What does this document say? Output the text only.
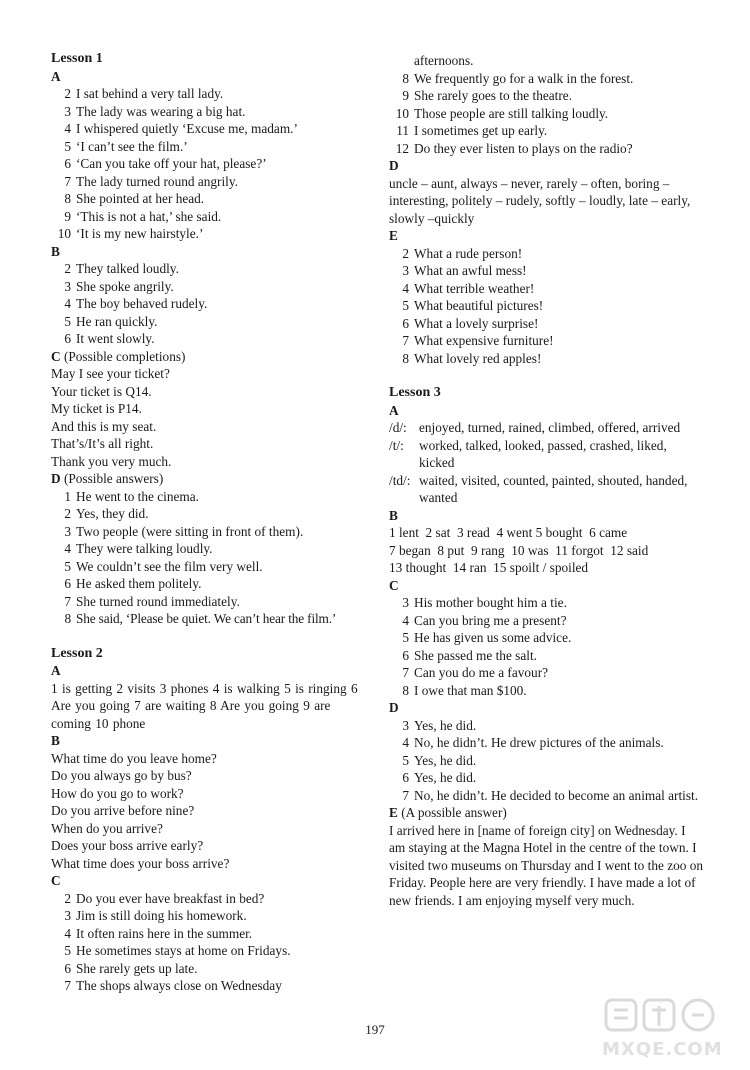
Lesson 1
A
2 I sat behind a very tall lady.
3 The lady was wearing a big hat.
4 I whispered quietly ‘Excuse me, madam.’
5 ‘I can’t see the film.’
6 ‘Can you take off your hat, please?’
7 The lady turned round angrily.
8 She pointed at her head.
9 ‘This is not a hat,’ she said.
10 ‘It is my new hairstyle.’
B
2 They talked loudly.
3 She spoke angrily.
4 The boy behaved rudely.
5 He ran quickly.
6 It went slowly.
C (Possible completions)
May I see your ticket?
Your ticket is Q14.
My ticket is P14.
And this is my seat.
That’s/It’s all right.
Thank you very much.
D (Possible answers)
1 He went to the cinema.
2 Yes, they did.
3 Two people (were sitting in front of them).
4 They were talking loudly.
5 We couldn’t see the film very well.
6 He asked them politely.
7 She turned round immediately.
8 She said, ‘Please be quiet. We can’t hear the film.’
Lesson 2
A
1 is getting 2 visits 3 phones 4 is walking 5 is ringing 6 Are you going 7 are waiting 8 Are you going 9 are coming 10 phone
B
What time do you leave home?
Do you always go by bus?
How do you go to work?
Do you arrive before nine?
When do you arrive?
Does your boss arrive early?
What time does your boss arrive?
C
2 Do you ever have breakfast in bed?
3 Jim is still doing his homework.
4 It often rains here in the summer.
5 He sometimes stays at home on Fridays.
6 She rarely gets up late.
7 The shops always close on Wednesday
afternoons.
8 We frequently go for a walk in the forest.
9 She rarely goes to the theatre.
10 Those people are still talking loudly.
11 I sometimes get up early.
12 Do they ever listen to plays on the radio?
D
uncle – aunt, always – never, rarely – often, boring – interesting, politely – rudely, softly – loudly, late – early, slowly –quickly
E
2 What a rude person!
3 What an awful mess!
4 What terrible weather!
5 What beautiful pictures!
6 What a lovely surprise!
7 What expensive furniture!
8 What lovely red apples!
Lesson 3
A
/d/: enjoyed, turned, rained, climbed, offered, arrived
/t/:	worked, talked, looked, passed, crashed, liked, kicked
/td/: waited, visited, counted, painted, shouted, handed, wanted
B
1 lent  2 sat  3 read  4 went 5 bought  6 came
7 began  8 put  9 rang  10 was  11 forgot  12 said
13 thought  14 ran  15 spoilt / spoiled
C
3 His mother bought him a tie.
4 Can you bring me a present?
5 He has given us some advice.
6 She passed me the salt.
7 Can you do me a favour?
8 I owe that man $100.
D
3 Yes, he did.
4 No, he didn’t. He drew pictures of the animals.
5 Yes, he did.
6 Yes, he did.
7 No, he didn’t. He decided to become an animal artist.
E (A possible answer)
I arrived here in [name of foreign city] on Wednesday. I am staying at the Magna Hotel in the centre of the town. I visited two museums on Thursday and I went to the zoo on Friday. People here are very friendly. I have made a lot of new friends. I am enjoying myself very much.
197
MXQE.COM
